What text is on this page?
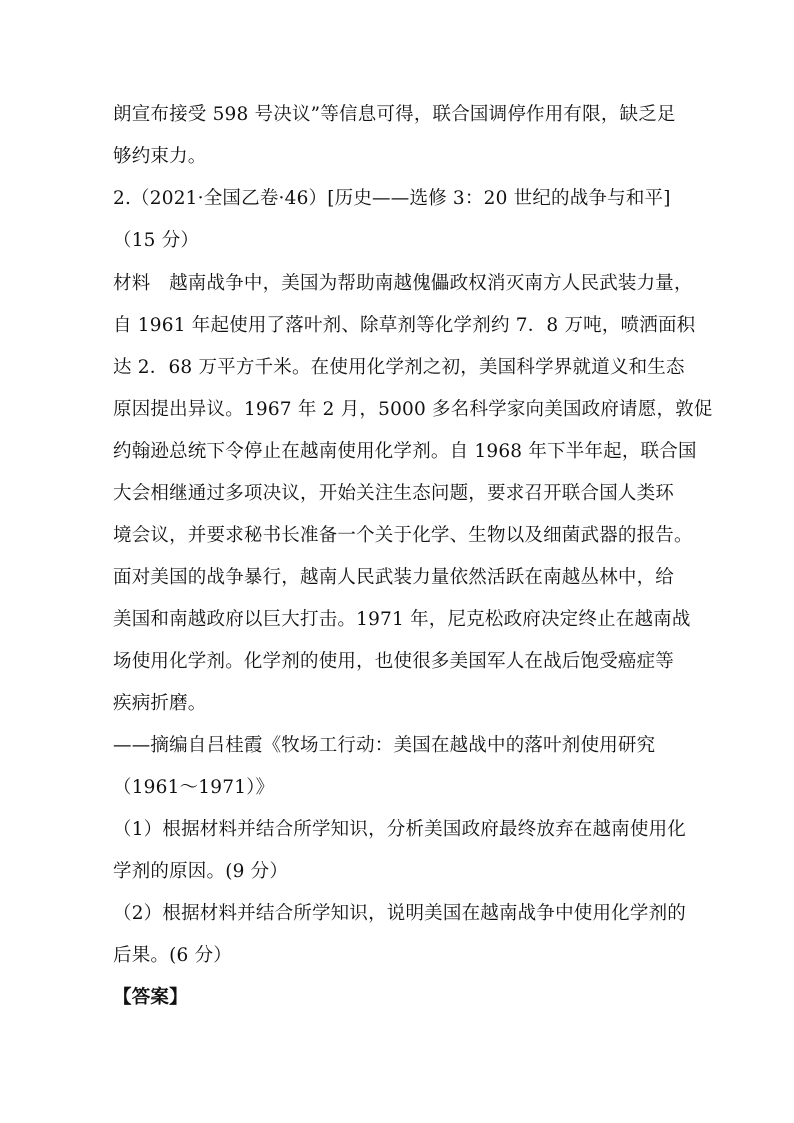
朗宣布接受 598 号决议”等信息可得，联合国调停作用有限，缺乏足
够约束力。
2.（2021·全国乙卷·46）[历史——选修 3：20 世纪的战争与和平]
（15 分）
材料　越南战争中，美国为帮助南越傀儡政权消灭南方人民武装力量，
自 1961 年起使用了落叶剂、除草剂等化学剂约 7．8 万吨，喷洒面积
达 2．68 万平方千米。在使用化学剂之初，美国科学界就道义和生态
原因提出异议。1967 年 2 月，5000 多名科学家向美国政府请愿，敦促
约翰逊总统下令停止在越南使用化学剂。自 1968 年下半年起，联合国
大会相继通过多项决议，开始关注生态问题，要求召开联合国人类环
境会议，并要求秘书长准备一个关于化学、生物以及细菌武器的报告。
面对美国的战争暴行，越南人民武装力量依然活跃在南越丛林中，给
美国和南越政府以巨大打击。1971 年，尼克松政府决定终止在越南战
场使用化学剂。化学剂的使用，也使很多美国军人在战后饱受癌症等
疾病折磨。
——摘编自吕桂霞《牧场工行动：美国在越战中的落叶剂使用研究
（1961～1971）》
（1）根据材料并结合所学知识，分析美国政府最终放弃在越南使用化
学剂的原因。(9 分）
（2）根据材料并结合所学知识，说明美国在越南战争中使用化学剂的
后果。(6 分）
【答案】
